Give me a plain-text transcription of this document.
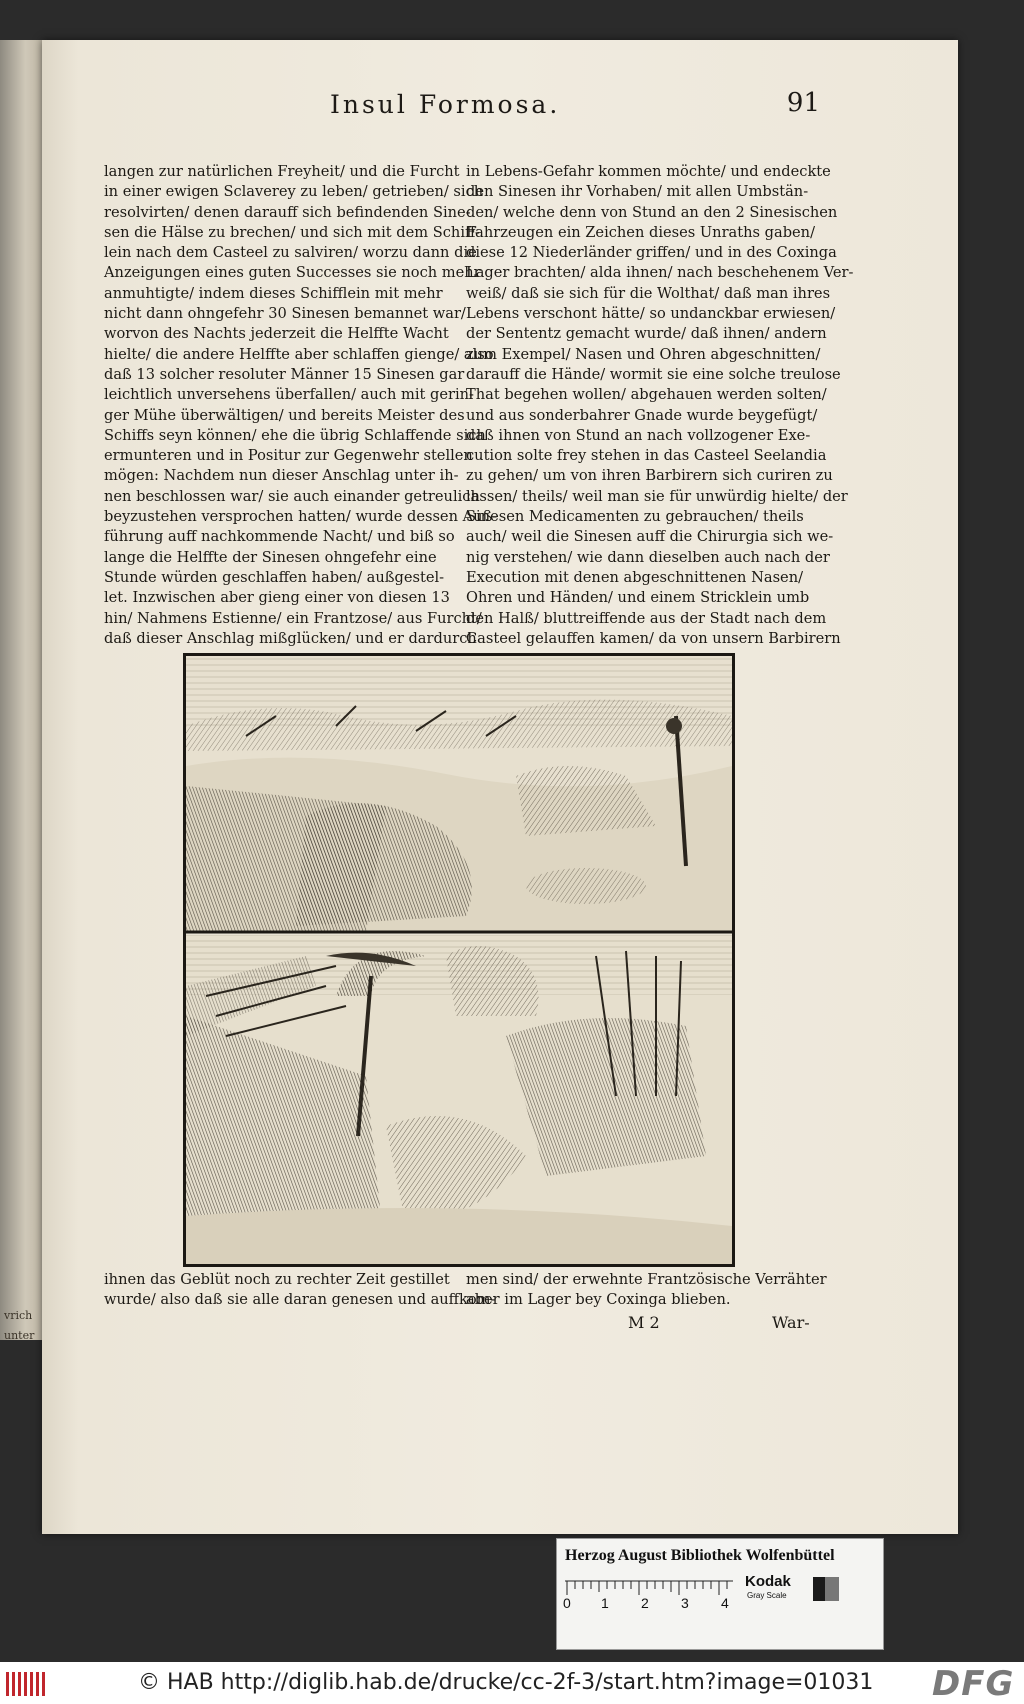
vrich
unter
Insul Formosa.	91
langen zur natürlichen Freyheit/ und die Furcht
in einer ewigen Sclaverey zu leben/ getrieben/ sich
resolvirten/ denen darauff sich befindenden Sine-
sen die Hälse zu brechen/ und sich mit dem Schiff-
lein nach dem Casteel zu salviren/ worzu dann die
Anzeigungen eines guten Successes sie noch mehr
anmuhtigte/ indem dieses Schifflein mit mehr
nicht dann ohngefehr 30 Sinesen bemannet war/
worvon des Nachts jederzeit die Helffte Wacht
hielte/ die andere Helffte aber schlaffen gienge/ also
daß 13 solcher resoluter Männer 15 Sinesen gar
leichtlich unversehens überfallen/ auch mit gerin-
ger Mühe überwältigen/ und bereits Meister des
Schiffs seyn können/ ehe die übrig Schlaffende sich
ermunteren und in Positur zur Gegenwehr stellen
mögen: Nachdem nun dieser Anschlag unter ih-
nen beschlossen war/ sie auch einander getreulich
beyzustehen versprochen hatten/ wurde dessen Auß-
führung auff nachkommende Nacht/ und biß so
lange die Helffte der Sinesen ohngefehr eine
Stunde würden geschlaffen haben/ außgestel-
let. Inzwischen aber gieng einer von diesen 13
hin/ Nahmens Estienne/ ein Frantzose/ aus Furcht/
daß dieser Anschlag mißglücken/ und er dardurch
in Lebens-Gefahr kommen möchte/ und endeckte
den Sinesen ihr Vorhaben/ mit allen Umbstän-
den/ welche denn von Stund an den 2 Sinesischen
Fahrzeugen ein Zeichen dieses Unraths gaben/
diese 12 Niederländer griffen/ und in des Coxinga
Lager brachten/ alda ihnen/ nach beschehenem Ver-
weiß/ daß sie sich für die Wolthat/ daß man ihres
Lebens verschont hätte/ so undanckbar erwiesen/
der Sententz gemacht wurde/ daß ihnen/ andern
zum Exempel/ Nasen und Ohren abgeschnitten/
darauff die Hände/ wormit sie eine solche treulose
That begehen wollen/ abgehauen werden solten/
und aus sonderbahrer Gnade wurde beygefügt/
daß ihnen von Stund an nach vollzogener Exe-
cution solte frey stehen in das Casteel Seelandia
zu gehen/ um von ihren Barbirern sich curiren zu
lassen/ theils/ weil man sie für unwürdig hielte/ der
Sinesen Medicamenten zu gebrauchen/ theils
auch/ weil die Sinesen auff die Chirurgia sich we-
nig verstehen/ wie dann dieselben auch nach der
Execution mit denen abgeschnittenen Nasen/
Ohren und Händen/ und einem Stricklein umb
den Halß/ bluttreiffende aus der Stadt nach dem
Casteel gelauffen kamen/ da von unsern Barbirern
ihnen das Geblüt noch zu rechter Zeit gestillet
wurde/ also daß sie alle daran genesen und auffkom-
men sind/ der erwehnte Frantzösische Verrähter
aber im Lager bey Coxinga blieben.
M 2	War-
Herzog August Bibliothek Wolfenbüttel
0 1 2 3 4
Kodak
Gray Scale
© HAB http://diglib.hab.de/drucke/cc-2f-3/start.htm?image=01031 DFG
